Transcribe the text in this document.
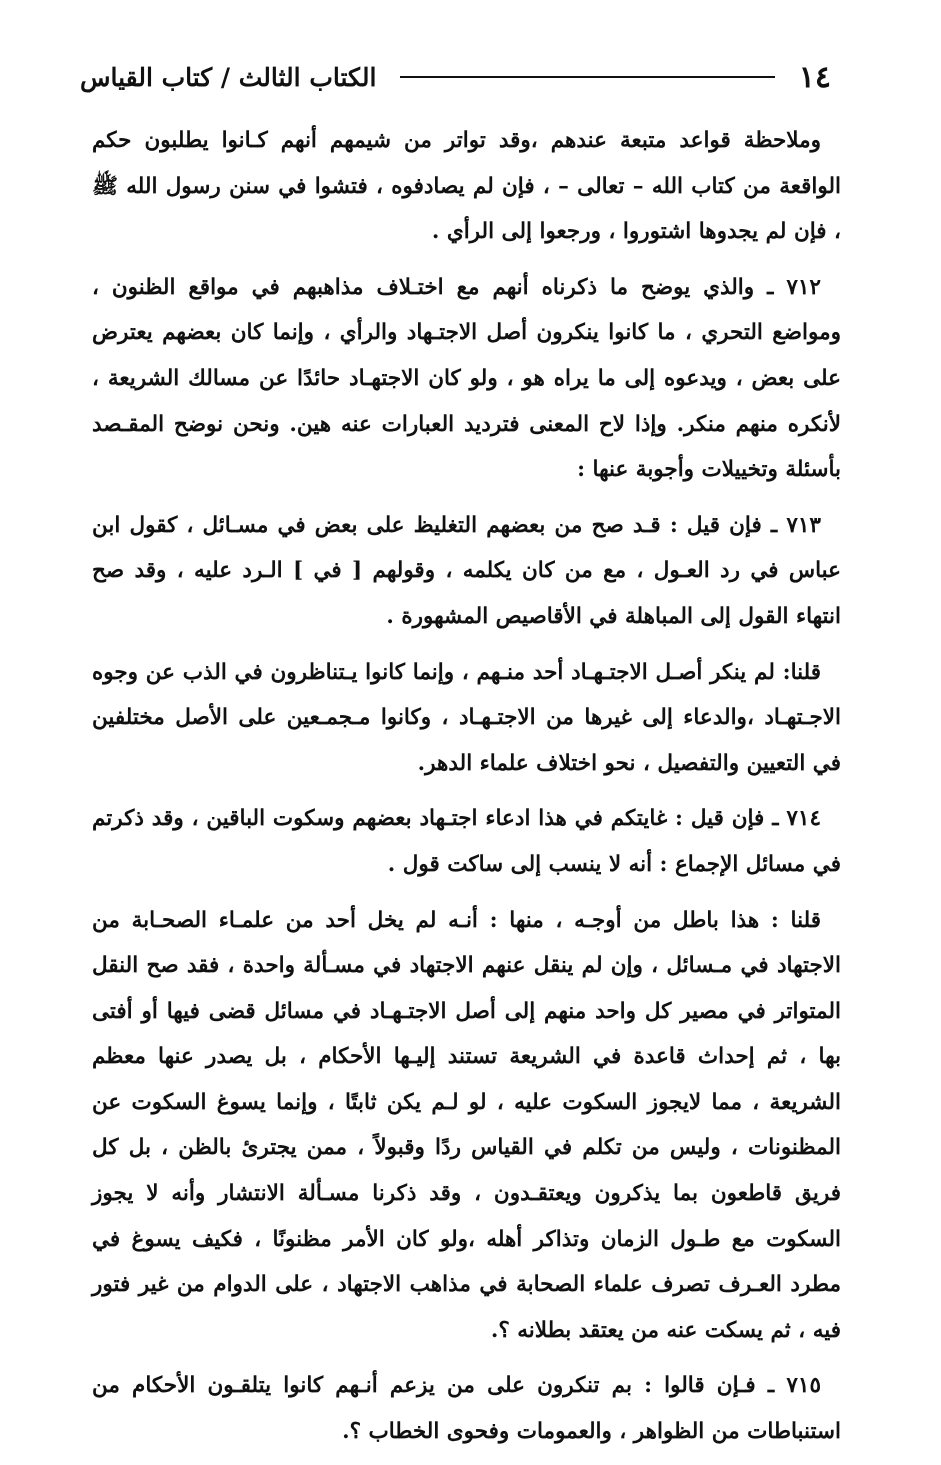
١٤
الكتاب الثالث / كتاب القياس

وملاحظة قواعد متبعة عندهم ،وقد تواتر من شيمهم أنهم كـانوا يطلبون حكم الواقعة من كتاب الله – تعالى – ، فإن لم يصادفوه ، فتشوا في سنن رسول الله ﷺ ، فإن لم يجدوها اشتوروا ، ورجعوا إلى الرأي .

٧١٢ ـ والذي يوضح ما ذكرناه أنهم مع اختـلاف مذاهبهم في مواقع الظنون ، ومواضع التحري ، ما كانوا ينكرون أصل الاجتـهاد والرأي ، وإنما كان بعضهم يعترض على بعض ، ويدعوه إلى ما يراه هو ، ولو كان الاجتهـاد حائدًا عن مسالك الشريعة ، لأنكره منهم منكر. وإذا لاح المعنى فترديد العبارات عنه هين. ونحن نوضح المقـصد بأسئلة وتخييلات وأجوبة عنها :

٧١٣ ـ فإن قيل : قـد صح من بعضهم التغليظ على بعض في مسـائل ، كقول ابن عباس في رد العـول ، مع من كان يكلمه ، وقولهم [ في ] الـرد عليه ، وقد صح انتهاء القول إلى المباهلة في الأقاصيص المشهورة .

قلنا: لم ينكر أصـل الاجتـهـاد أحد منـهم ، وإنما كانوا يـتناظرون في الذب عن وجوه الاجـتهـاد ،والدعاء إلى غيرها من الاجتـهـاد ، وكانوا مـجمـعين على الأصل مختلفين في التعيين والتفصيل ، نحو اختلاف علماء الدهر.

٧١٤ ـ فإن قيل : غايتكم في هذا ادعاء اجتـهاد بعضهم وسكوت الباقين ، وقد ذكرتم في مسائل الإجماع : أنه لا ينسب إلى ساكت قول .

قلنا : هذا باطل من أوجـه ، منها : أنـه لم يخل أحد من علمـاء الصحـابة من الاجتهاد في مـسائل ، وإن لم ينقل عنهم الاجتهاد في مسـألة واحدة ، فقد صح النقل المتواتر في مصير كل واحد منهم إلى أصل الاجتـهـاد في مسائل قضى فيها أو أفتى بها ، ثم إحداث قاعدة في الشريعة تستند إليـها الأحكام ، بل يصدر عنها معظم الشريعة ، مما لايجوز السكوت عليه ، لو لـم يكن ثابتًا ، وإنما يسوغ السكوت عن المظنونات ، وليس من تكلم في القياس ردًا وقبولاً ، ممن يجترئ بالظن ، بل كل فريق قاطعون بما يذكرون ويعتقـدون ، وقد ذكرنا مسـألة الانتشار وأنه لا يجوز السكوت مع طـول الزمان وتذاكر أهله ،ولو كان الأمر مظنونًا ، فكيف يسوغ في مطرد العـرف تصرف علماء الصحابة في مذاهب الاجتهاد ، على الدوام من غير فتور فيه ، ثم يسكت عنه من يعتقد بطلانه ؟.

٧١٥ ـ فـإن قالوا : بم تنكرون على من يزعم أنـهم كانوا يتلقـون الأحكام من استنباطات من الظواهر ، والعمومات وفحوى الخطاب ؟.
